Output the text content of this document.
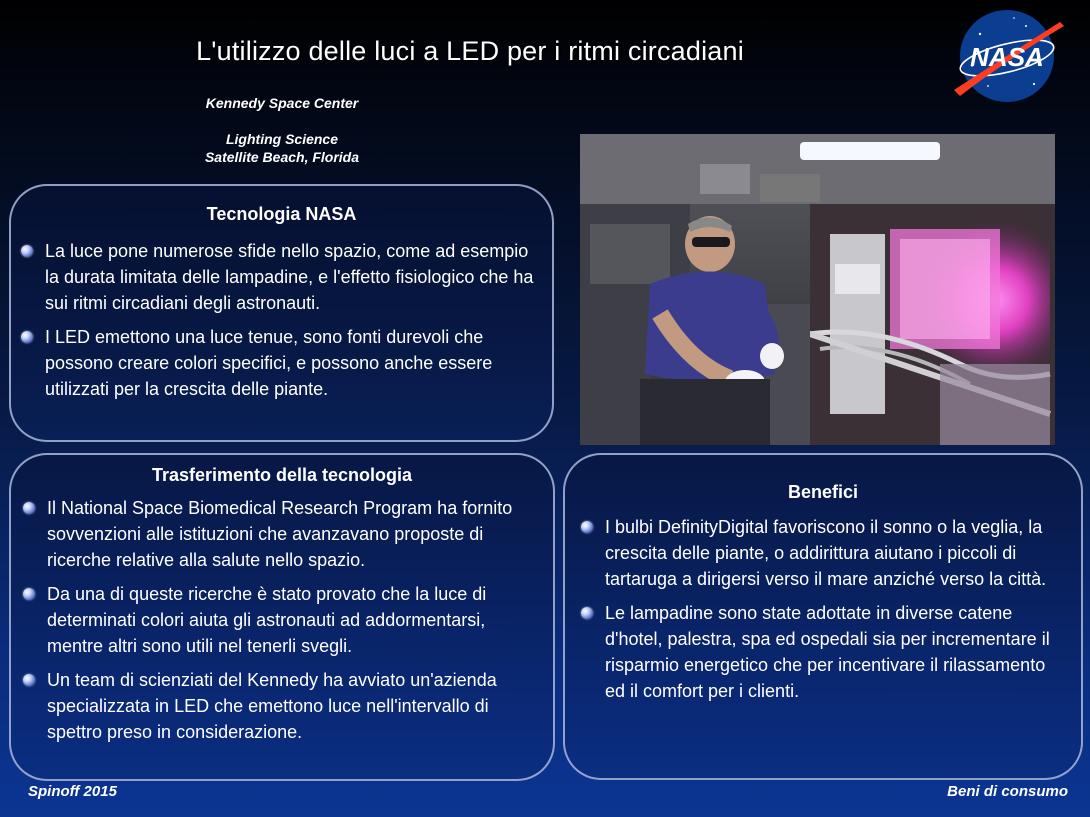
L'utilizzo delle luci a LED per i ritmi circadiani	NASA
Kennedy Space Center
Lighting Science
Satellite Beach, Florida
Tecnologia NASA
La luce pone numerose sfide nello spazio, come ad esempio la durata limitata delle lampadine, e l'effetto fisiologico che ha sui ritmi circadiani degli astronauti.
I LED emettono una luce tenue, sono fonti durevoli che possono creare colori specifici, e possono anche essere utilizzati per la crescita delle piante.
Trasferimento della tecnologia
Il National Space Biomedical Research Program ha fornito sovvenzioni alle istituzioni che avanzavano proposte di ricerche relative alla salute nello spazio.
Da una di queste ricerche è stato provato che la luce di determinati colori aiuta gli astronauti ad addormentarsi, mentre altri sono utili nel tenerli svegli.
Un team di scienziati del Kennedy ha avviato un'azienda specializzata in LED che emettono luce nell'intervallo di spettro preso in considerazione.
Benefici
I bulbi DefinityDigital favoriscono il sonno o la veglia, la crescita delle piante, o addirittura aiutano i piccoli di tartaruga a dirigersi verso il mare anziché verso la città.
Le lampadine sono state adottate in diverse catene d'hotel, palestra, spa ed ospedali sia per incrementare il risparmio energetico che per incentivare il rilassamento ed il comfort per i clienti.
Spinoff 2015	Beni di consumo
